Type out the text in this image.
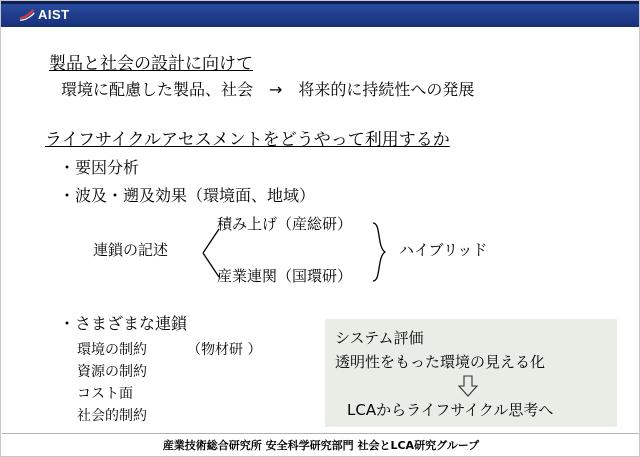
AIST
製品と社会の設計に向けて
環境に配慮した製品、社会　→　将来的に持続性への発展
ライフサイクルアセスメントをどうやって利用するか
・要因分析
・波及・遡及効果（環境面、地域）
連鎖の記述
積み上げ（産総研）
産業連関（国環研）
ハイブリッド
・さまざまな連鎖
環境の制約
資源の制約
コスト面
社会的制約
（物材研 ）
システム評価
透明性をもった環境の見える化
LCAからライフサイクル思考へ
産業技術総合研究所 安全科学研究部門 社会とLCA研究グループ
